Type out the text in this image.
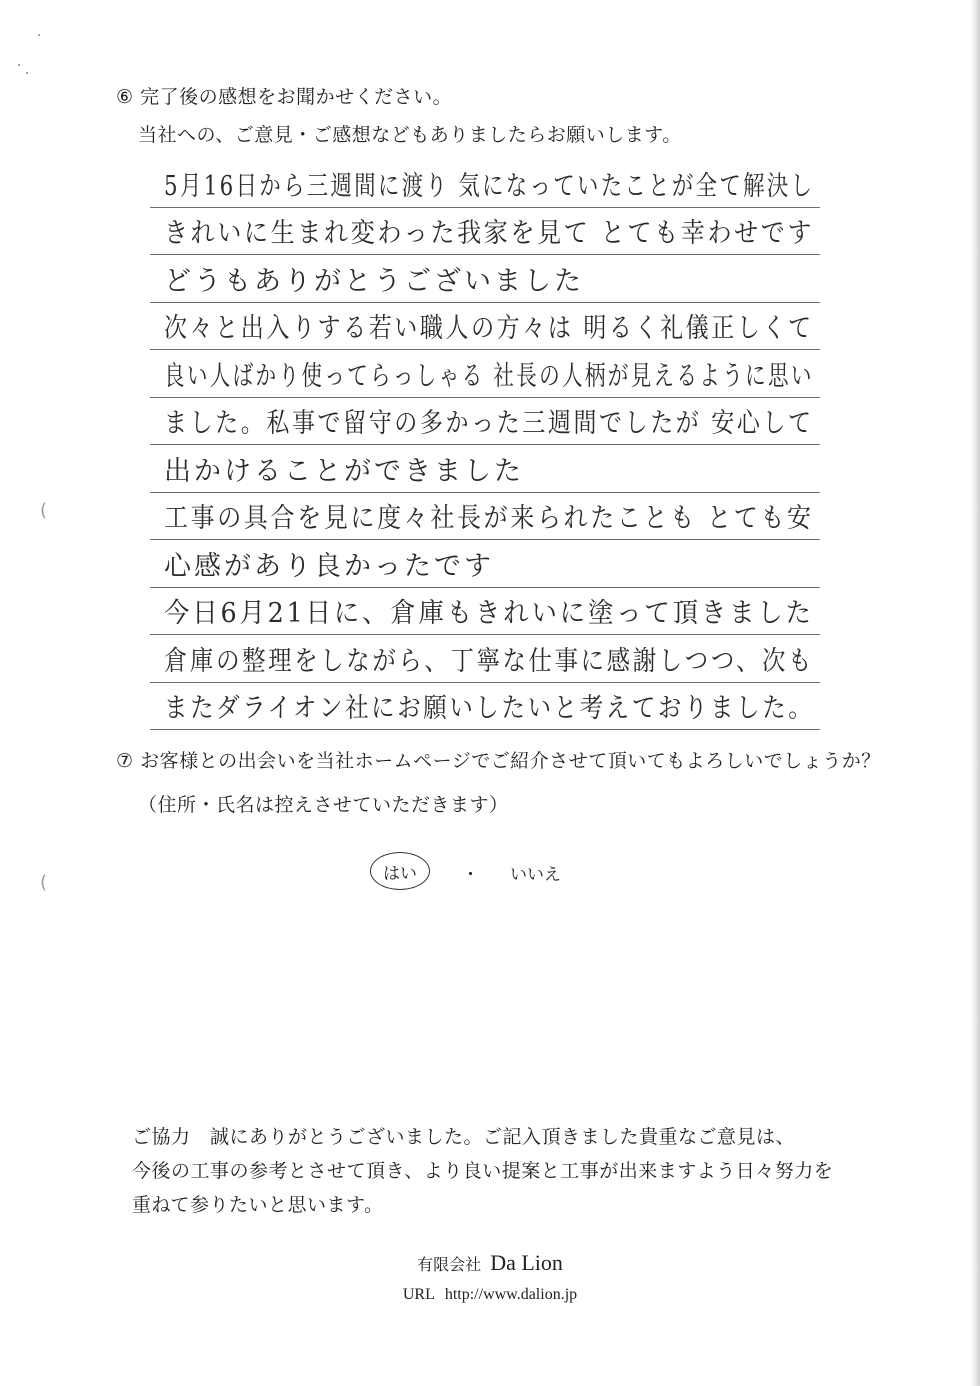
(
(
⑥ 完了後の感想をお聞かせください。
当社への、ご意見・ご感想などもありましたらお願いします。
5月16日から三週間に渡り 気になっていたことが全て解決し
きれいに生まれ変わった我家を見て とても幸わせです
どうもありがとうございました
次々と出入りする若い職人の方々は 明るく礼儀正しくて
良い人ばかり使ってらっしゃる 社長の人柄が見えるように思い
ました。私事で留守の多かった三週間でしたが 安心して
出かけることができました
工事の具合を見に度々社長が来られたことも とても安
心感があり良かったです
今日6月21日に、倉庫もきれいに塗って頂きました
倉庫の整理をしながら、丁寧な仕事に感謝しつつ、次も
またダライオン社にお願いしたいと考えておりました。
⑦ お客様との出会いを当社ホームページでご紹介させて頂いてもよろしいでしょうか？
（住所・氏名は控えさせていただきます）
はい	・ いいえ
ご協力　誠にありがとうございました。ご記入頂きました貴重なご意見は、
今後の工事の参考とさせて頂き、より良い提案と工事が出来ますよう日々努力を
重ねて参りたいと思います。
有限会社 Da Lion
URL http://www.dalion.jp
